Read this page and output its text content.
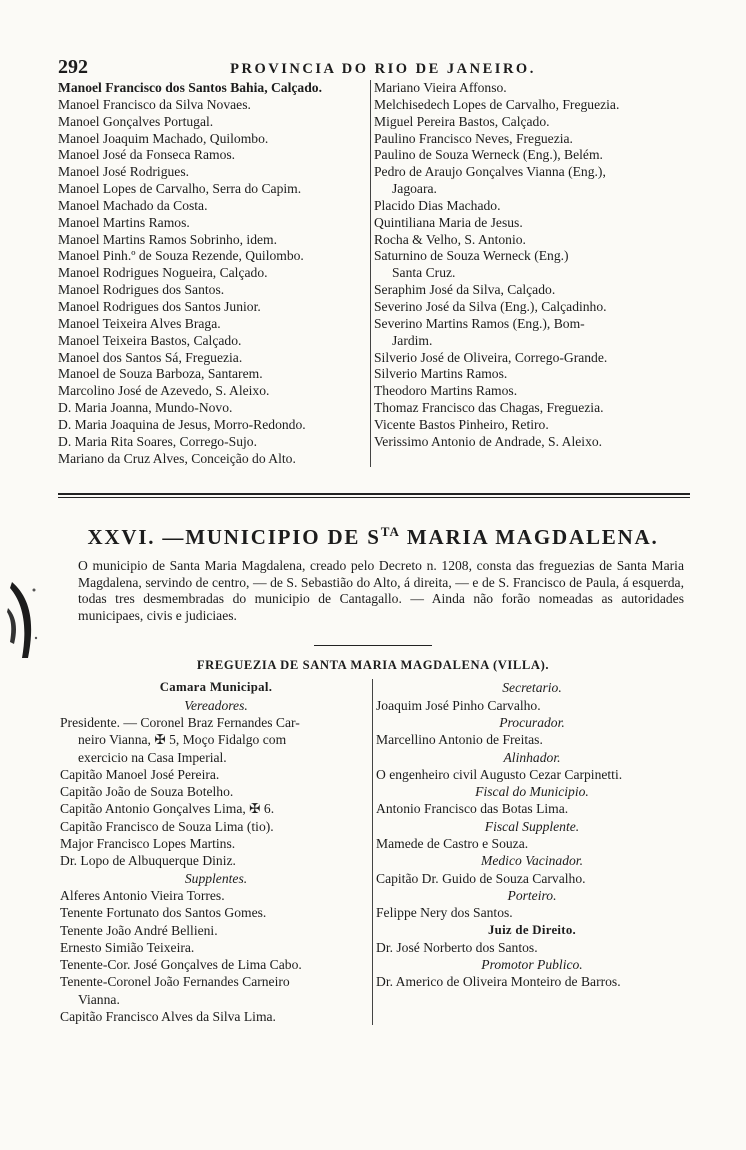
292	PROVINCIA DO RIO DE JANEIRO.
Manoel Francisco dos Santos Bahia, Calçado.
Manoel Francisco da Silva Novaes.
Manoel Gonçalves Portugal.
Manoel Joaquim Machado, Quilombo.
Manoel José da Fonseca Ramos.
Manoel José Rodrigues.
Manoel Lopes de Carvalho, Serra do Capim.
Manoel Machado da Costa.
Manoel Martins Ramos.
Manoel Martins Ramos Sobrinho, idem.
Manoel Pinh.º de Souza Rezende, Quilombo.
Manoel Rodrigues Nogueira, Calçado.
Manoel Rodrigues dos Santos.
Manoel Rodrigues dos Santos Junior.
Manoel Teixeira Alves Braga.
Manoel Teixeira Bastos, Calçado.
Manoel dos Santos Sá, Freguezia.
Manoel de Souza Barboza, Santarem.
Marcolino José de Azevedo, S. Aleixo.
D. Maria Joanna, Mundo-Novo.
D. Maria Joaquina de Jesus, Morro-Redondo.
D. Maria Rita Soares, Corrego-Sujo.
Mariano da Cruz Alves, Conceição do Alto.
Mariano Vieira Affonso.
Melchisedech Lopes de Carvalho, Freguezia.
Miguel Pereira Bastos, Calçado.
Paulino Francisco Neves, Freguezia.
Paulino de Souza Werneck (Eng.), Belém.
Pedro de Araujo Gonçalves Vianna (Eng.),
Jagoara.
Placido Dias Machado.
Quintiliana Maria de Jesus.
Rocha & Velho, S. Antonio.
Saturnino de Souza Werneck (Eng.)
Santa Cruz.
Seraphim José da Silva, Calçado.
Severino José da Silva (Eng.), Calçadinho.
Severino Martins Ramos (Eng.), Bom-
Jardim.
Silverio José de Oliveira, Corrego-Grande.
Silverio Martins Ramos.
Theodoro Martins Ramos.
Thomaz Francisco das Chagas, Freguezia.
Vicente Bastos Pinheiro, Retiro.
Verissimo Antonio de Andrade, S. Aleixo.
XXVI. —MUNICIPIO DE $S^{TA}$ MARIA MAGDALENA.
O municipio de Santa Maria Magdalena, creado pelo Decreto n. 1208, consta das freguezias de Santa Maria Magdalena, servindo de centro, — de S. Sebastião do Alto, á direita, — e de S. Francisco de Paula, á esquerda, todas tres desmembradas do municipio de Cantagallo. — Ainda não forão nomeadas as autoridades municipaes, civis e judiciaes.
FREGUEZIA DE SANTA MARIA MAGDALENA (VILLA).
Camara Municipal.
Vereadores.
Presidente. — Coronel Braz Fernandes Car-
neiro Vianna, ✠ 5, Moço Fidalgo com
exercicio na Casa Imperial.
Capitão Manoel José Pereira.
Capitão João de Souza Botelho.
Capitão Antonio Gonçalves Lima, ✠ 6.
Capitão Francisco de Souza Lima (tio).
Major Francisco Lopes Martins.
Dr. Lopo de Albuquerque Diniz.
Supplentes.
Alferes Antonio Vieira Torres.
Tenente Fortunato dos Santos Gomes.
Tenente João André Bellieni.
Ernesto Simião Teixeira.
Tenente-Cor. José Gonçalves de Lima Cabo.
Tenente-Coronel João Fernandes Carneiro
Vianna.
Capitão Francisco Alves da Silva Lima.
Secretario.
Joaquim José Pinho Carvalho.
Procurador.
Marcellino Antonio de Freitas.
Alinhador.
O engenheiro civil Augusto Cezar Carpinetti.
Fiscal do Municipio.
Antonio Francisco das Botas Lima.
Fiscal Supplente.
Mamede de Castro e Souza.
Medico Vacinador.
Capitão Dr. Guido de Souza Carvalho.
Porteiro.
Felippe Nery dos Santos.
Juiz de Direito.
Dr. José Norberto dos Santos.
Promotor Publico.
Dr. Americo de Oliveira Monteiro de Barros.
